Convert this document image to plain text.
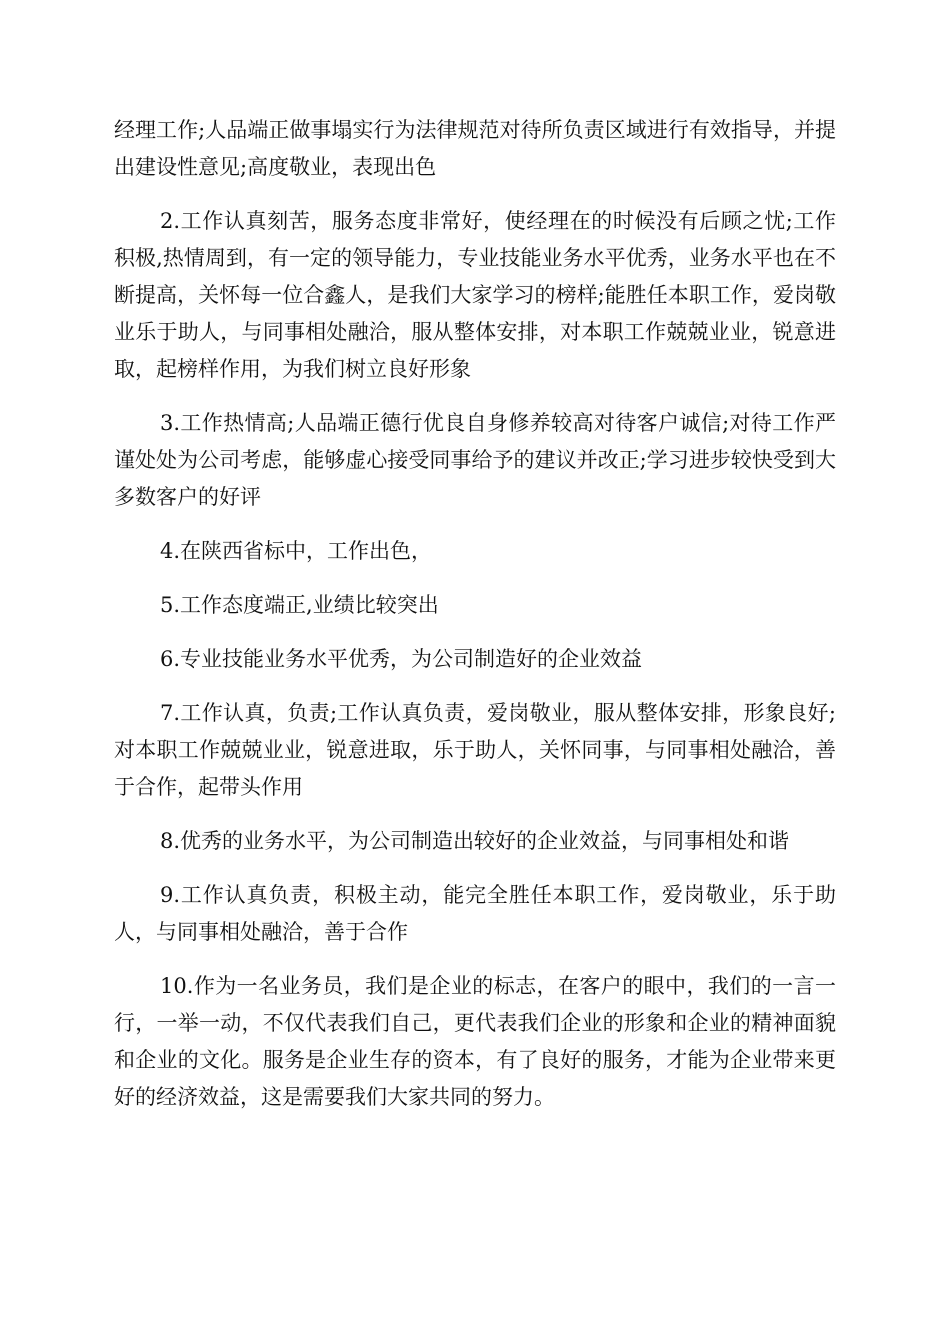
经理工作;人品端正做事塌实行为法律规范对待所负责区域进行有效指导，并提出建设性意见;高度敬业，表现出色

2.工作认真刻苦，服务态度非常好，使经理在的时候没有后顾之忧;工作积极,热情周到，有一定的领导能力，专业技能业务水平优秀，业务水平也在不断提高，关怀每一位合鑫人，是我们大家学习的榜样;能胜任本职工作，爱岗敬业乐于助人，与同事相处融洽，服从整体安排，对本职工作兢兢业业，锐意进取，起榜样作用，为我们树立良好形象

3.工作热情高;人品端正德行优良自身修养较高对待客户诚信;对待工作严谨处处为公司考虑，能够虚心接受同事给予的建议并改正;学习进步较快受到大多数客户的好评

4.在陕西省标中，工作出色，

5.工作态度端正,业绩比较突出

6.专业技能业务水平优秀，为公司制造好的企业效益

7.工作认真，负责;工作认真负责，爱岗敬业，服从整体安排，形象良好;对本职工作兢兢业业，锐意进取，乐于助人，关怀同事，与同事相处融洽，善于合作，起带头作用

8.优秀的业务水平，为公司制造出较好的企业效益，与同事相处和谐

9.工作认真负责，积极主动，能完全胜任本职工作，爱岗敬业，乐于助人，与同事相处融洽，善于合作

10.作为一名业务员，我们是企业的标志，在客户的眼中，我们的一言一行，一举一动，不仅代表我们自己，更代表我们企业的形象和企业的精神面貌和企业的文化。服务是企业生存的资本，有了良好的服务，才能为企业带来更好的经济效益，这是需要我们大家共同的努力。
